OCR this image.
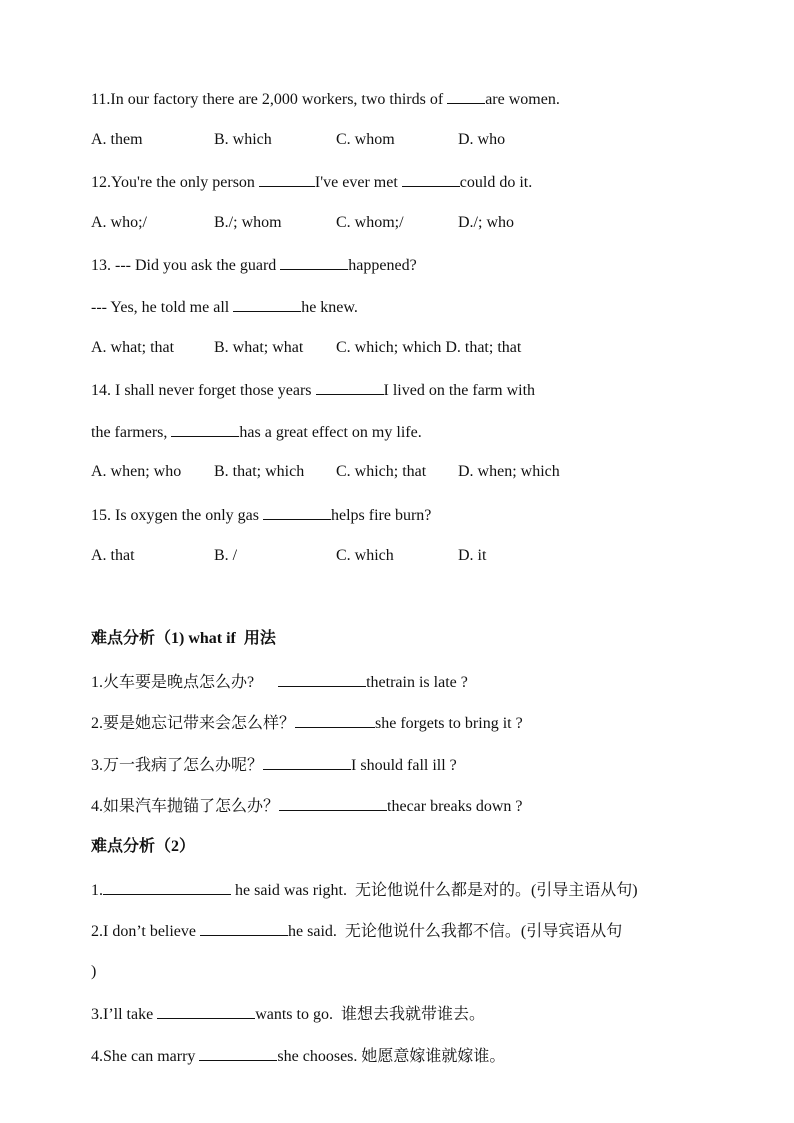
11.In our factory there are 2,000 workers, two thirds of are women.
A. them	B. which	C. whom	D. who
12.You're the only person	I've ever met	could do it.
A. who;/	B./; whom	C. whom;/	D./; who
13. --- Did you ask the guard	happened?
--- Yes, he told me all	he knew.
A. what; that B. what; what C. which; which D. that; that
14. I shall never forget those years	I lived on the farm with
the farmers,	has a great effect on my life.
A. when; who B. that; which C. which; that D. when; which
15. Is oxygen the only gas	helps fire burn?
A. that	B. /	C. which	D. it
难点分析（1) what if  用法
1.火车要是晚点怎么办?	thetrain is late ?
2.要是她忘记带来会怎么样？	she forgets to bring it ?
3.万一我病了怎么办呢？	I should fall ill ?
4.如果汽车抛锚了怎么办？	thecar breaks down ?
难点分析（2）
1.	he said was right.  无论他说什么都是对的。(引导主语从句)
2.I don’t believe	he said.  无论他说什么我都不信。(引导宾语从句
)
3.I’ll take	wants to go.  谁想去我就带谁去。
4.She can marry	she chooses. 她愿意嫁谁就嫁谁。
